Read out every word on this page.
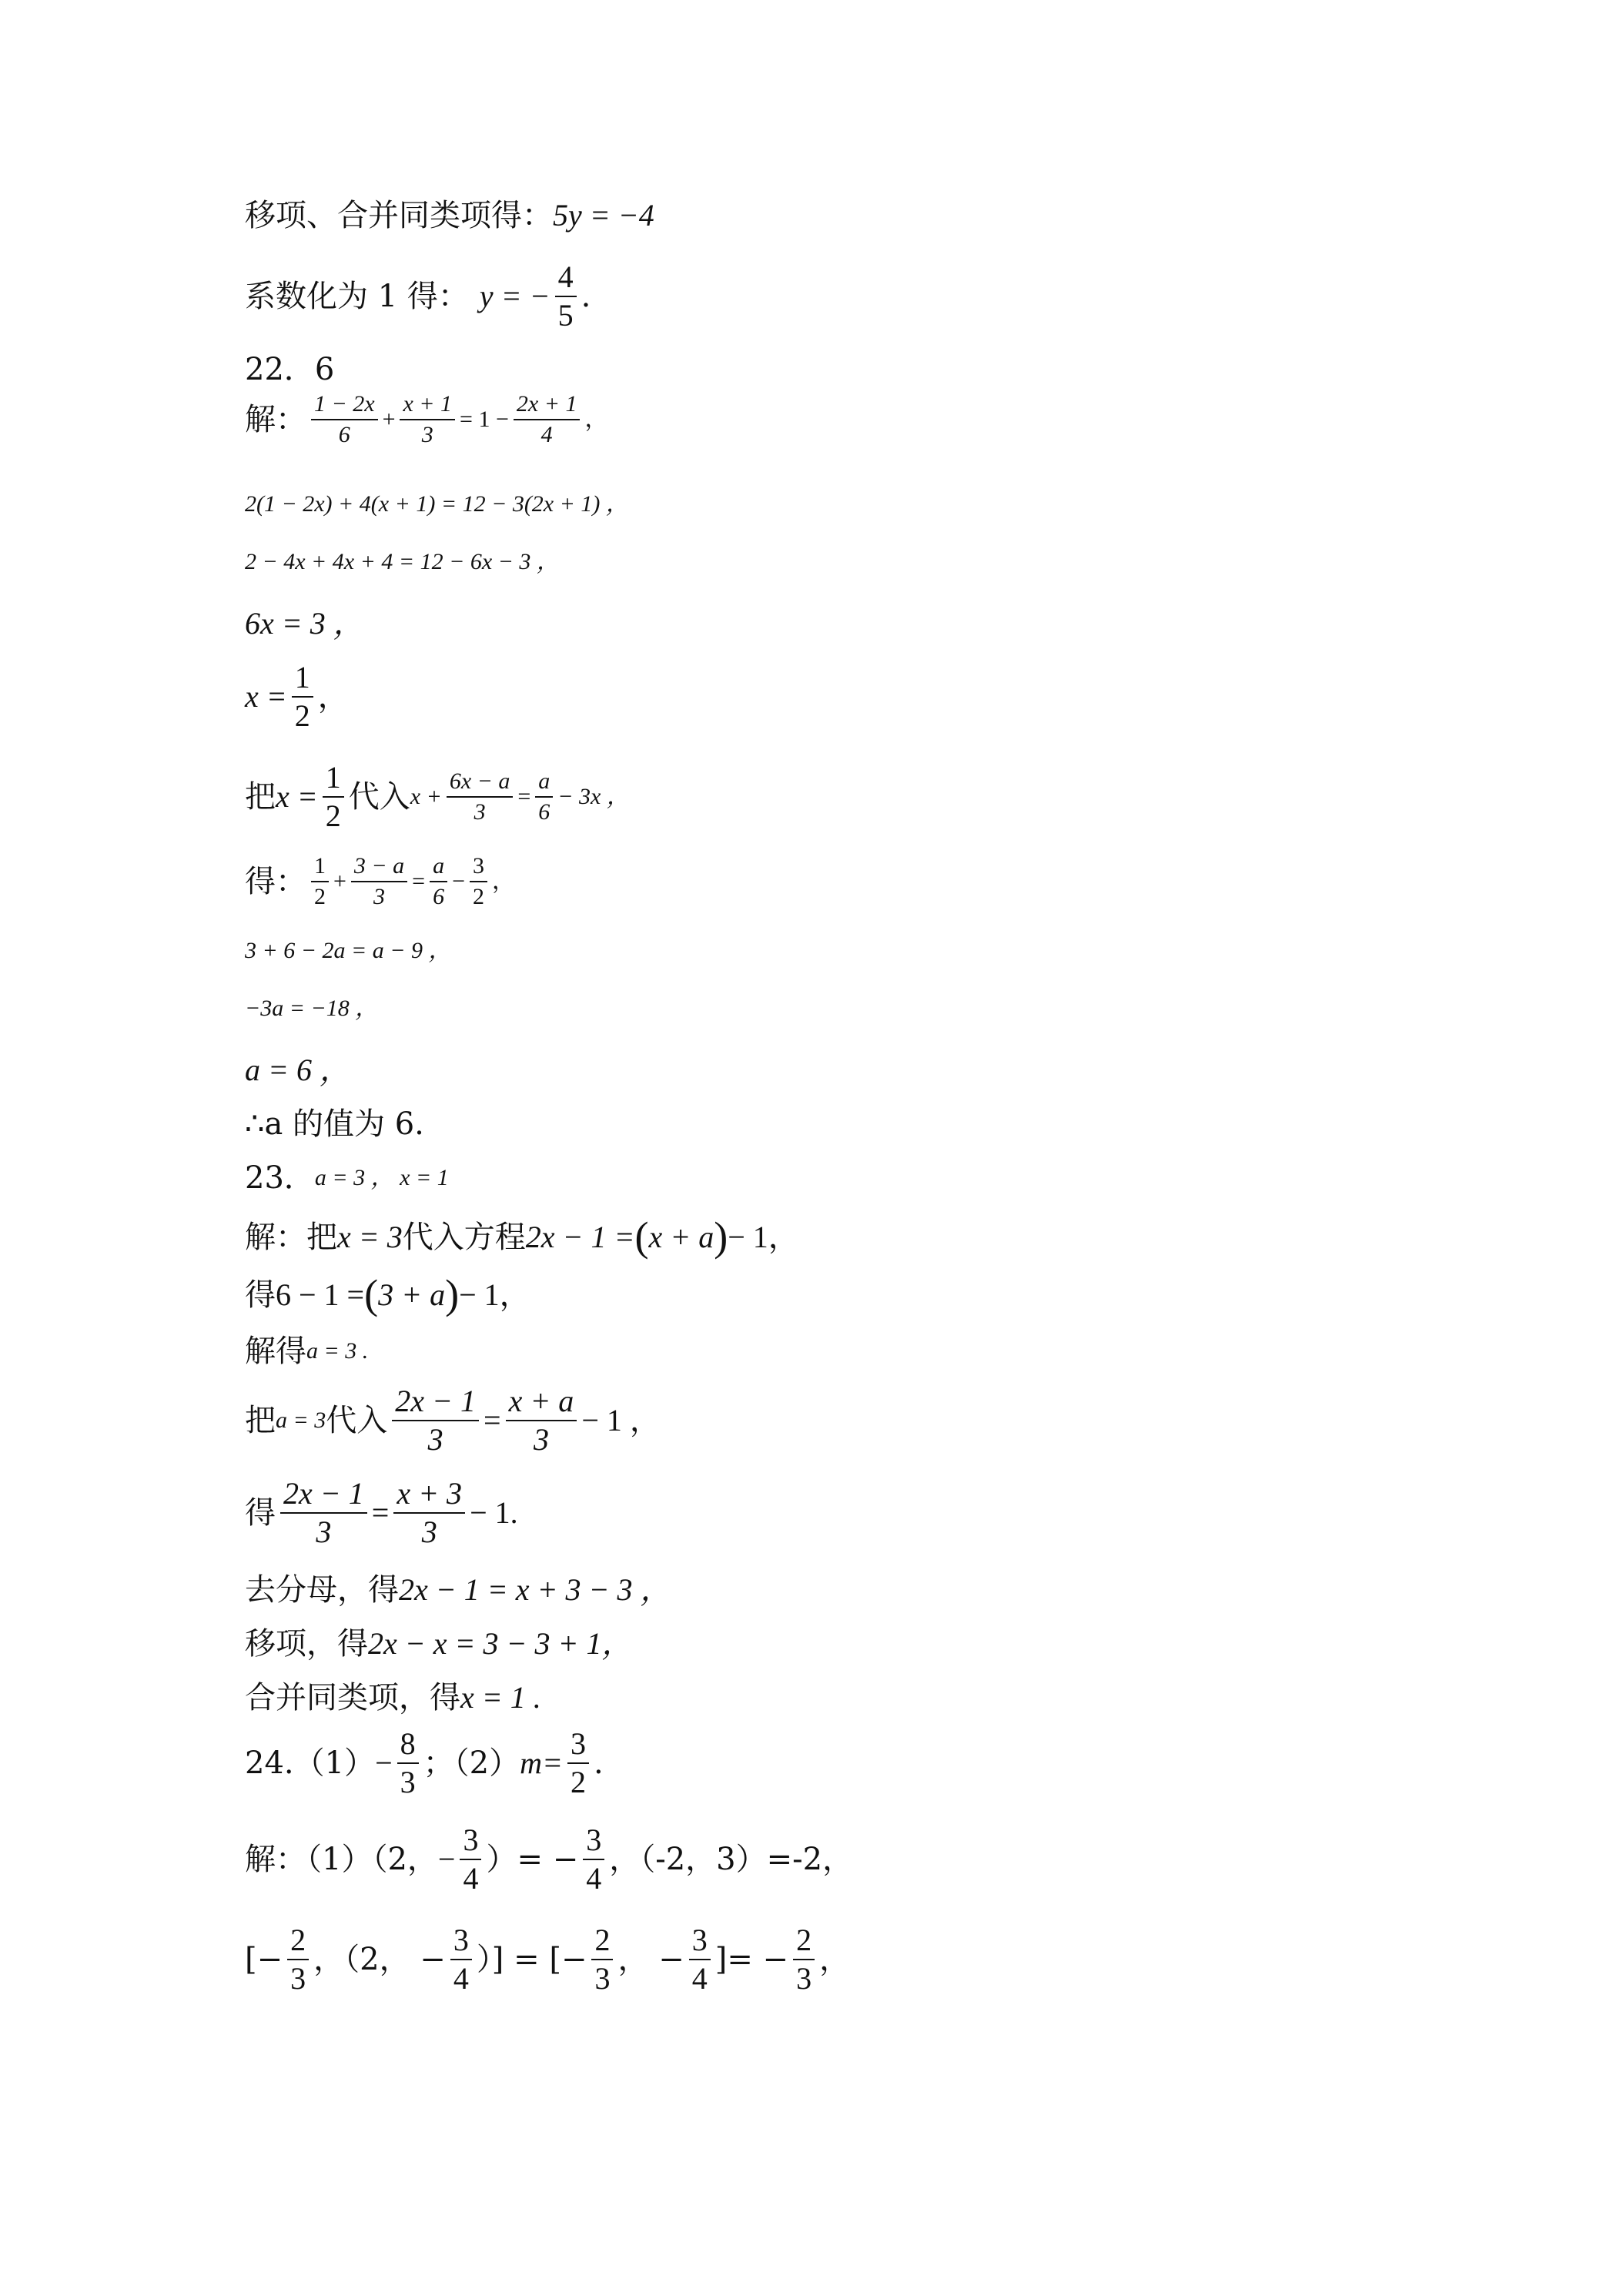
移项、合并同类项得： 5y = −4
系数化为 1 得： y = − $\frac{4}{5}$ .
22．6
解： $\frac{1 - 2x}{6} + \frac{x + 1}{3} = 1 - \frac{2x + 1}{4}$ ，
2(1 − 2x) + 4(x + 1) = 12 − 3(2x + 1) ，
2 − 4x + 4x + 4 = 12 − 6x − 3 ，
6x = 3 ，
$x = \frac{1}{2}$ ，
把 $x = \frac{1}{2}$ 代入 $x + \frac{6x - a}{3} = \frac{a}{6} - 3x$ ，
得： $\frac{1}{2} + \frac{3 - a}{3} = \frac{a}{6} - \frac{3}{2}$ ，
3 + 6 − 2a = a − 9 ，
−3a = −18 ，
a = 6 ，
∴a 的值为 6.
23． a = 3 ， x = 1
解：把 x = 3 代入方程 2x − 1 = ( x + a ) − 1，
得 6 − 1 = ( 3 + a ) − 1，
解得 a = 3 .
把 a = 3 代入 $\frac{2x - 1}{3} = \frac{x + a}{3} - 1$ ，
得 $\frac{2x - 1}{3} = \frac{x + 3}{3} - 1$.
去分母，得 2x − 1 = x + 3 − 3 ，
移项，得 2x − x = 3 − 3 + 1，
合并同类项，得 x = 1 .
$24.(1) - \frac{8}{3}$ ；（2） $m= \frac{3}{2}$ .
解：（1）（2， − $\frac{3}{4}$ ）= − $\frac{3}{4}$ ，（-2，3）=-2，
[− $\frac{2}{3}$ ，（2， − $\frac{3}{4}$ ）] = [− $\frac{2}{3}$ ， − $\frac{3}{4}$ ]= − $\frac{2}{3}$ ，
